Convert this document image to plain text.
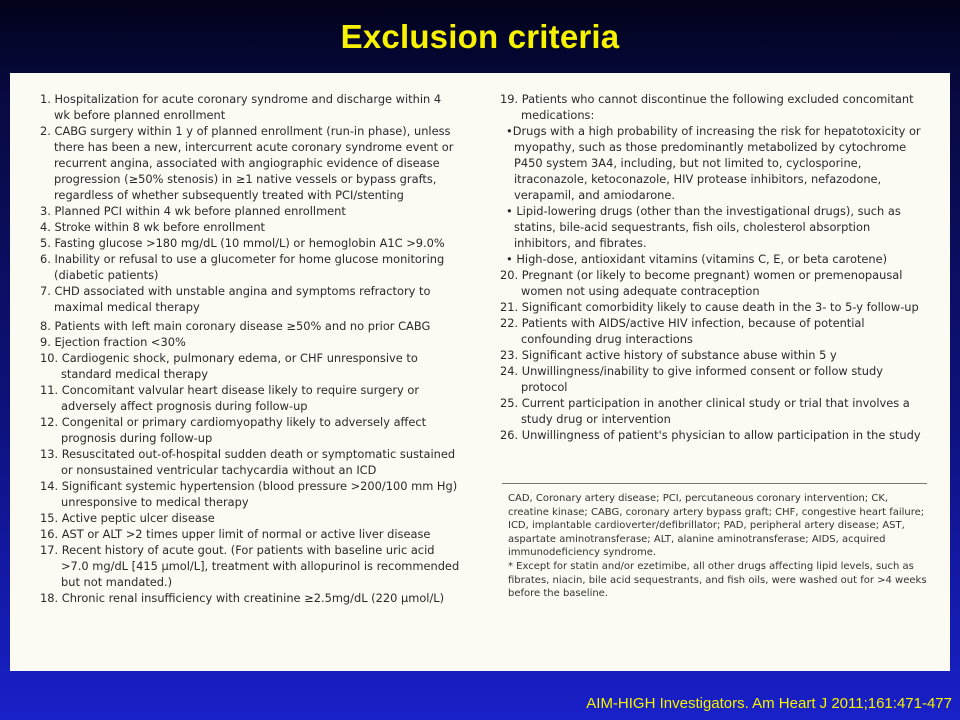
Exclusion criteria

1. Hospitalization for acute coronary syndrome and discharge within 4 wk before planned enrollment

2. CABG surgery within 1 y of planned enrollment (run-in phase), unless there has been a new, intercurrent acute coronary syndrome event or recurrent angina, associated with angiographic evidence of disease progression (≥50% stenosis) in ≥1 native vessels or bypass grafts, regardless of whether subsequently treated with PCI/stenting

3. Planned PCI within 4 wk before planned enrollment

4. Stroke within 8 wk before enrollment

5. Fasting glucose >180 mg/dL (10 mmol/L) or hemoglobin A1C >9.0%

6. Inability or refusal to use a glucometer for home glucose monitoring (diabetic patients)

7. CHD associated with unstable angina and symptoms refractory to maximal medical therapy

8. Patients with left main coronary disease ≥50% and no prior CABG

9. Ejection fraction <30%

10. Cardiogenic shock, pulmonary edema, or CHF unresponsive to standard medical therapy

11. Concomitant valvular heart disease likely to require surgery or adversely affect prognosis during follow-up

12. Congenital or primary cardiomyopathy likely to adversely affect prognosis during follow-up

13. Resuscitated out-of-hospital sudden death or symptomatic sustained or nonsustained ventricular tachycardia without an ICD

14. Significant systemic hypertension (blood pressure >200/100 mm Hg) unresponsive to medical therapy

15. Active peptic ulcer disease

16. AST or ALT >2 times upper limit of normal or active liver disease

17. Recent history of acute gout. (For patients with baseline uric acid >7.0 mg/dL [415 μmol/L], treatment with allopurinol is recommended but not mandated.)

18. Chronic renal insufficiency with creatinine ≥2.5mg/dL (220 μmol/L)

19. Patients who cannot discontinue the following excluded concomitant medications:

•Drugs with a high probability of increasing the risk for hepatotoxicity or myopathy, such as those predominantly metabolized by cytochrome P450 system 3A4, including, but not limited to, cyclosporine, itraconazole, ketoconazole, HIV protease inhibitors, nefazodone, verapamil, and amiodarone.

• Lipid-lowering drugs (other than the investigational drugs), such as statins, bile-acid sequestrants, fish oils, cholesterol absorption inhibitors, and fibrates.

• High-dose, antioxidant vitamins (vitamins C, E, or beta carotene)

20. Pregnant (or likely to become pregnant) women or premenopausal women not using adequate contraception

21. Significant comorbidity likely to cause death in the 3- to 5-y follow-up

22. Patients with AIDS/active HIV infection, because of potential confounding drug interactions

23. Significant active history of substance abuse within 5 y

24. Unwillingness/inability to give informed consent or follow study protocol

25. Current participation in another clinical study or trial that involves a study drug or intervention

26. Unwillingness of patient's physician to allow participation in the study

CAD, Coronary artery disease; PCI, percutaneous coronary intervention; CK, creatine kinase; CABG, coronary artery bypass graft; CHF, congestive heart failure; ICD, implantable cardioverter/defibrillator; PAD, peripheral artery disease; AST, aspartate aminotransferase; ALT, alanine aminotransferase; AIDS, acquired immunodeficiency syndrome.
* Except for statin and/or ezetimibe, all other drugs affecting lipid levels, such as fibrates, niacin, bile acid sequestrants, and fish oils, were washed out for >4 weeks before the baseline.
AIM-HIGH Investigators. Am Heart J 2011;161:471-477
